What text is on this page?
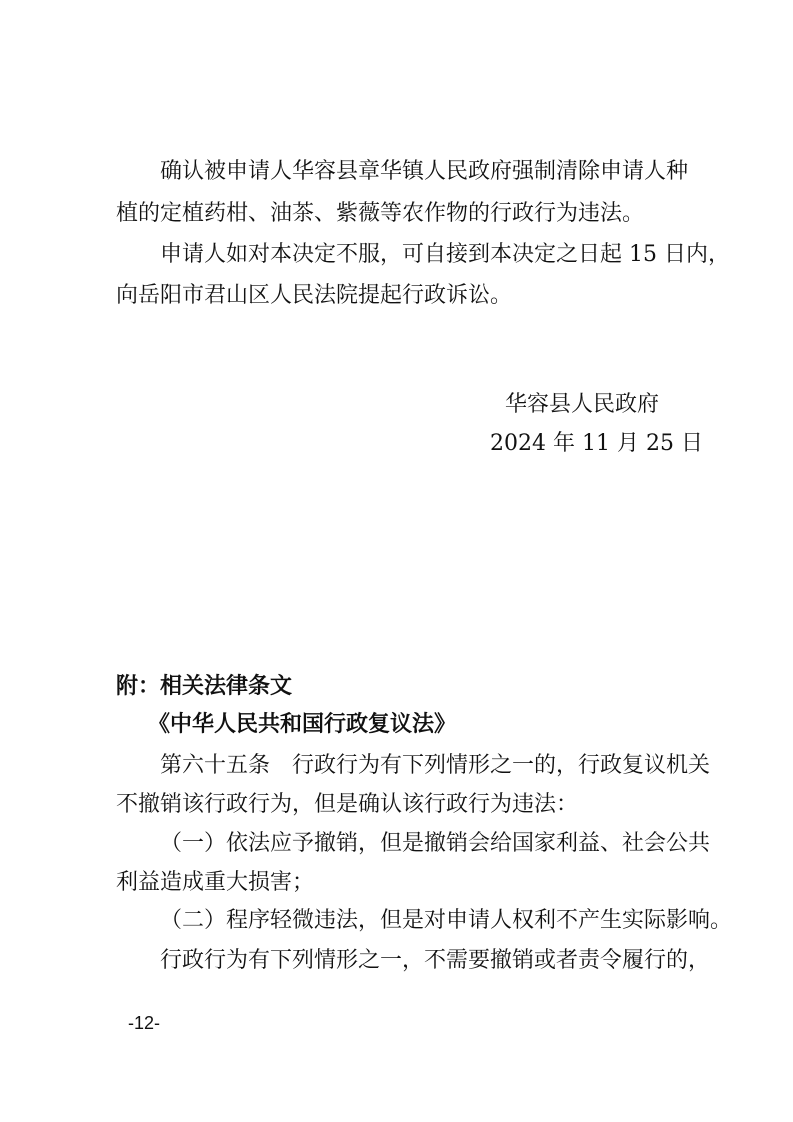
确认被申请人华容县章华镇人民政府强制清除申请人种
植的定植药柑、油茶、紫薇等农作物的行政行为违法。
申请人如对本决定不服，可自接到本决定之日起 15 日内，
向岳阳市君山区人民法院提起行政诉讼。
华容县人民政府
2024 年 11 月 25 日
附：相关法律条文
《中华人民共和国行政复议法》
第六十五条　行政行为有下列情形之一的，行政复议机关
不撤销该行政行为，但是确认该行政行为违法：
（一）依法应予撤销，但是撤销会给国家利益、社会公共
利益造成重大损害；
（二）程序轻微违法，但是对申请人权利不产生实际影响。
行政行为有下列情形之一，不需要撤销或者责令履行的，
-12-
